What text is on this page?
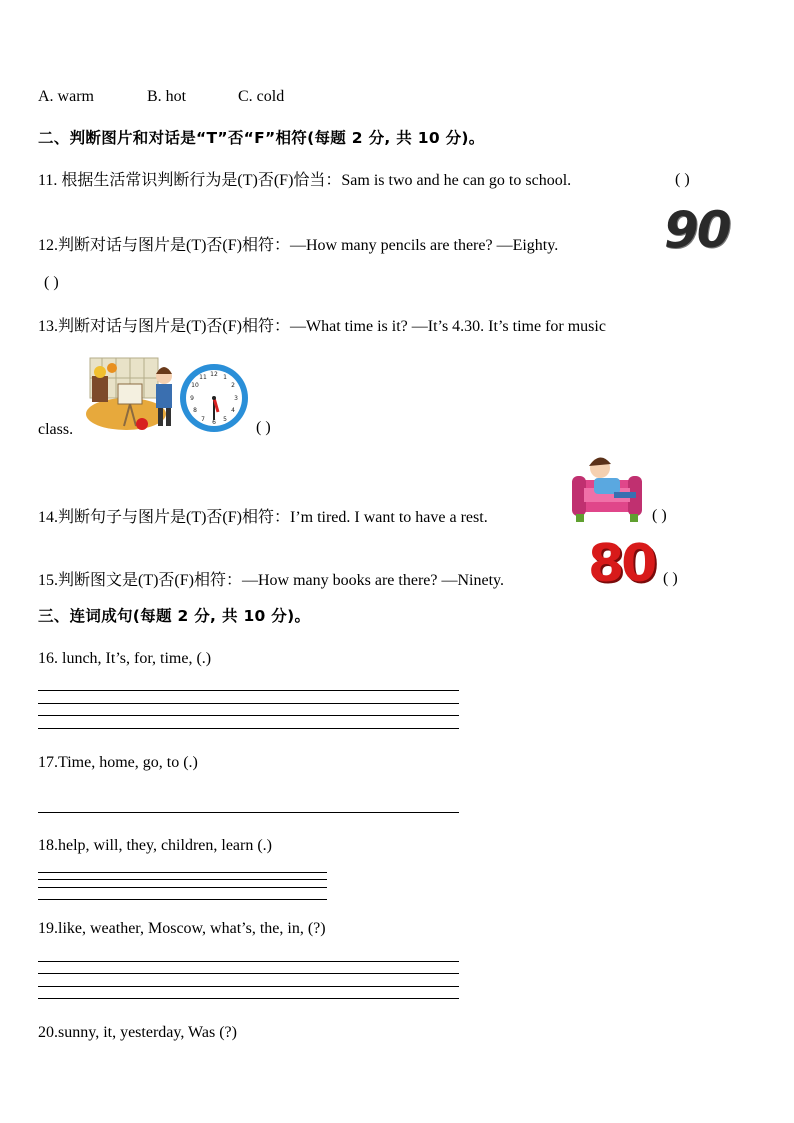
A. warm	B. hot	C. cold
二、判断图片和对话是“T”否“F”相符(每题 2 分, 共 10 分)。
11. 根据生活常识判断行为是(T)否(F)恰当：Sam is two and he can go to school.	( )
12.判断对话与图片是(T)否(F)相符：—How many pencils are there? —Eighty. 90
( )
13.判断对话与图片是(T)否(F)相符：—What time is it? —It’s 4.30. It’s time for music
class.
12 1
2
3
4
5
6
7
8
9
10
11
( )
14.判断句子与图片是(T)否(F)相符：I’m tired. I want to have a rest.	( )
15.判断图文是(T)否(F)相符：—How many books are there? —Ninety. 80 ( )
三、连词成句(每题 2 分, 共 10 分)。
16. lunch, It’s, for, time, (.)
17.Time, home, go, to (.)
18.help, will, they, children, learn (.)
19.like, weather, Moscow, what’s, the, in, (?)
20.sunny, it, yesterday, Was (?)
